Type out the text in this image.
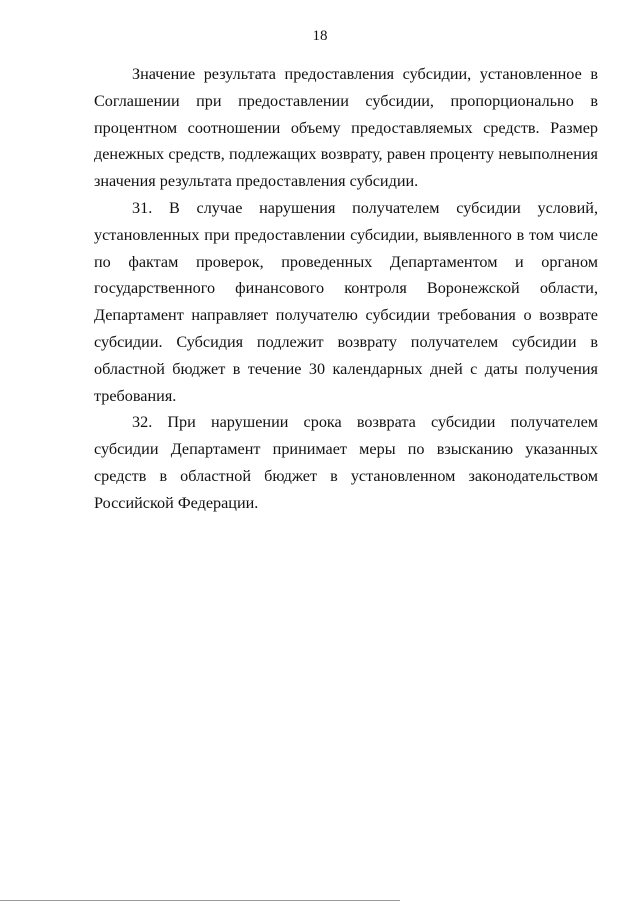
18

Значение результата предоставления субсидии, установленное в Соглашении при предоставлении субсидии, пропорционально в процентном соотношении объему предоставляемых средств. Размер денежных средств, подлежащих возврату, равен проценту невыполнения значения результата предоставления субсидии.

31. В случае нарушения получателем субсидии условий, установленных при предоставлении субсидии, выявленного в том числе по фактам проверок, проведенных Департаментом и органом государственного финансового контроля Воронежской области, Департамент направляет получателю субсидии требования о возврате субсидии. Субсидия подлежит возврату получателем субсидии в областной бюджет в течение 30 календарных дней с даты получения требования.

32. При нарушении срока возврата субсидии получателем субсидии Департамент принимает меры по взысканию указанных средств в областной бюджет в установленном законодательством Российской Федерации.
